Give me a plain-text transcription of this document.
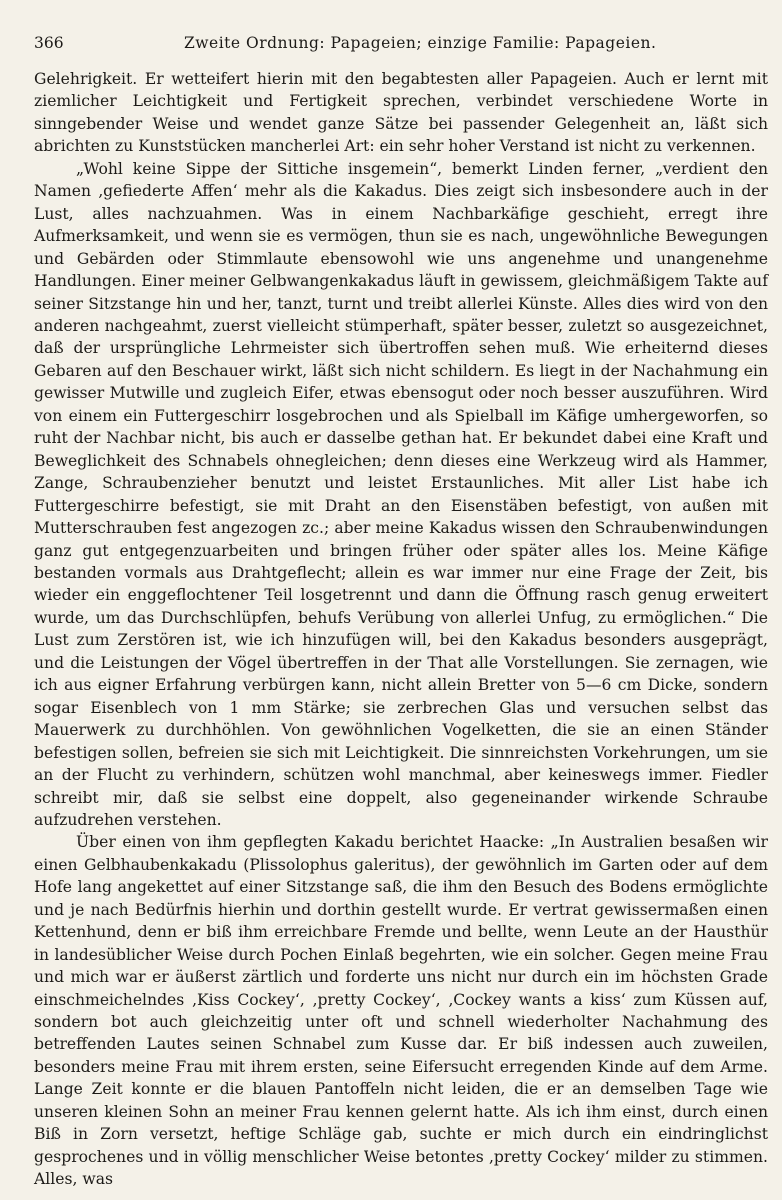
366	Zweite Ordnung: Papageien; einzige Familie: Papageien.

Gelehrigkeit. Er wetteifert hierin mit den begabtesten aller Papageien. Auch er lernt mit ziemlicher Leichtigkeit und Fertigkeit sprechen, verbindet verschiedene Worte in sinngebender Weise und wendet ganze Sätze bei passender Gelegenheit an, läßt sich abrichten zu Kunststücken mancherlei Art: ein sehr hoher Verstand ist nicht zu verkennen.

„Wohl keine Sippe der Sittiche insgemein“, bemerkt Linden ferner, „verdient den Namen ‚gefiederte Affen‘ mehr als die Kakadus. Dies zeigt sich insbesondere auch in der Lust, alles nachzuahmen. Was in einem Nachbarkäfige geschieht, erregt ihre Aufmerksamkeit, und wenn sie es vermögen, thun sie es nach, ungewöhnliche Bewegungen und Gebärden oder Stimmlaute ebensowohl wie uns angenehme und unangenehme Handlungen. Einer meiner Gelbwangenkakadus läuft in gewissem, gleichmäßigem Takte auf seiner Sitzstange hin und her, tanzt, turnt und treibt allerlei Künste. Alles dies wird von den anderen nachgeahmt, zuerst vielleicht stümperhaft, später besser, zuletzt so ausgezeichnet, daß der ursprüngliche Lehrmeister sich übertroffen sehen muß. Wie erheiternd dieses Gebaren auf den Beschauer wirkt, läßt sich nicht schildern. Es liegt in der Nachahmung ein gewisser Mutwille und zugleich Eifer, etwas ebensogut oder noch besser auszuführen. Wird von einem ein Futtergeschirr losgebrochen und als Spielball im Käfige umhergeworfen, so ruht der Nachbar nicht, bis auch er dasselbe gethan hat. Er bekundet dabei eine Kraft und Beweglichkeit des Schnabels ohnegleichen; denn dieses eine Werkzeug wird als Hammer, Zange, Schraubenzieher benutzt und leistet Erstaunliches. Mit aller List habe ich Futtergeschirre befestigt, sie mit Draht an den Eisenstäben befestigt, von außen mit Mutterschrauben fest angezogen zc.; aber meine Kakadus wissen den Schraubenwindungen ganz gut entgegenzuarbeiten und bringen früher oder später alles los. Meine Käfige bestanden vormals aus Drahtgeflecht; allein es war immer nur eine Frage der Zeit, bis wieder ein enggeflochtener Teil losgetrennt und dann die Öffnung rasch genug erweitert wurde, um das Durchschlüpfen, behufs Verübung von allerlei Unfug, zu ermöglichen.“ Die Lust zum Zerstören ist, wie ich hinzufügen will, bei den Kakadus besonders ausgeprägt, und die Leistungen der Vögel übertreffen in der That alle Vorstellungen. Sie zernagen, wie ich aus eigner Erfahrung verbürgen kann, nicht allein Bretter von 5—6 cm Dicke, sondern sogar Eisenblech von 1 mm Stärke; sie zerbrechen Glas und versuchen selbst das Mauerwerk zu durchhöhlen. Von gewöhnlichen Vogelketten, die sie an einen Ständer befestigen sollen, befreien sie sich mit Leichtigkeit. Die sinnreichsten Vorkehrungen, um sie an der Flucht zu verhindern, schützen wohl manchmal, aber keineswegs immer. Fiedler schreibt mir, daß sie selbst eine doppelt, also gegeneinander wirkende Schraube aufzudrehen verstehen.

Über einen von ihm gepflegten Kakadu berichtet Haacke: „In Australien besaßen wir einen Gelbhaubenkakadu (Plissolophus galeritus), der gewöhnlich im Garten oder auf dem Hofe lang angekettet auf einer Sitzstange saß, die ihm den Besuch des Bodens ermöglichte und je nach Bedürfnis hierhin und dorthin gestellt wurde. Er vertrat gewissermaßen einen Kettenhund, denn er biß ihm erreichbare Fremde und bellte, wenn Leute an der Hausthür in landesüblicher Weise durch Pochen Einlaß begehrten, wie ein solcher. Gegen meine Frau und mich war er äußerst zärtlich und forderte uns nicht nur durch ein im höchsten Grade einschmeichelndes ‚Kiss Cockey‘, ‚pretty Cockey‘, ‚Cockey wants a kiss‘ zum Küssen auf, sondern bot auch gleichzeitig unter oft und schnell wiederholter Nachahmung des betreffenden Lautes seinen Schnabel zum Kusse dar. Er biß indessen auch zuweilen, besonders meine Frau mit ihrem ersten, seine Eifersucht erregenden Kinde auf dem Arme. Lange Zeit konnte er die blauen Pantoffeln nicht leiden, die er an demselben Tage wie unseren kleinen Sohn an meiner Frau kennen gelernt hatte. Als ich ihm einst, durch einen Biß in Zorn versetzt, heftige Schläge gab, suchte er mich durch ein eindringlichst gesprochenes und in völlig menschlicher Weise betontes ‚pretty Cockey‘ milder zu stimmen. Alles, was
